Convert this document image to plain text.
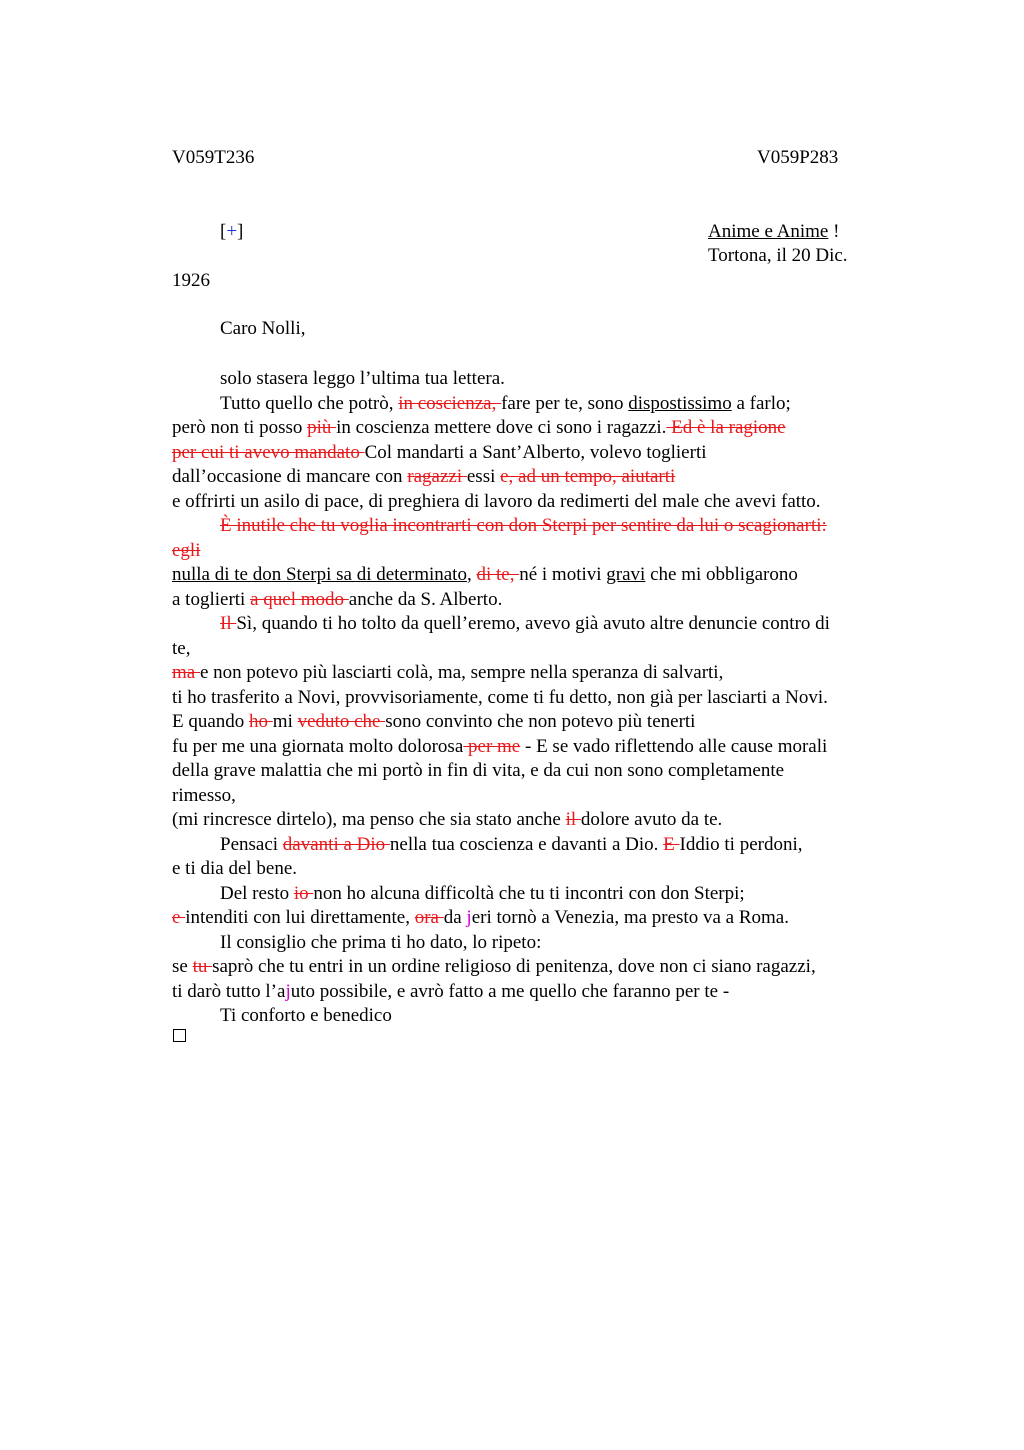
V059T236	V059P283
[+]	Anime e Anime !
Tortona, il 20 Dic.
1926
Caro Nolli,
solo stasera leggo l’ultima tua lettera.
Tutto quello che potrò, in coscienza, fare per te, sono dispostissimo a farlo;
però non ti posso più in coscienza mettere dove ci sono i ragazzi. Ed è la ragione
per cui ti avevo mandato Col mandarti a Sant’Alberto, volevo toglierti
dall’occasione di mancare con ragazzi essi e, ad un tempo, aiutarti
e offrirti un asilo di pace, di preghiera di lavoro da redimerti del male che avevi fatto.
È inutile che tu voglia incontrarti con don Sterpi per sentire da lui o scagionarti:
egli
nulla di te don Sterpi sa di determinato, di te, né i motivi gravi che mi obbligarono
a toglierti a quel modo anche da S. Alberto.
Il Sì, quando ti ho tolto da quell’eremo, avevo già avuto altre denuncie contro di
te,
ma e non potevo più lasciarti colà, ma, sempre nella speranza di salvarti,
ti ho trasferito a Novi, provvisoriamente, come ti fu detto, non già per lasciarti a Novi.
E quando ho mi veduto che sono convinto che non potevo più tenerti
fu per me una giornata molto dolorosa per me - E se vado riflettendo alle cause morali
della grave malattia che mi portò in fin di vita, e da cui non sono completamente
rimesso,
(mi rincresce dirtelo), ma penso che sia stato anche il dolore avuto da te.
Pensaci davanti a Dio nella tua coscienza e davanti a Dio. E Iddio ti perdoni,
e ti dia del bene.
Del resto io non ho alcuna difficoltà che tu ti incontri con don Sterpi;
e intenditi con lui direttamente, ora da jeri tornò a Venezia, ma presto va a Roma.
Il consiglio che prima ti ho dato, lo ripeto:
se tu saprò che tu entri in un ordine religioso di penitenza, dove non ci siano ragazzi,
ti darò tutto l’ajuto possibile, e avrò fatto a me quello che faranno per te -
Ti conforto e benedico
